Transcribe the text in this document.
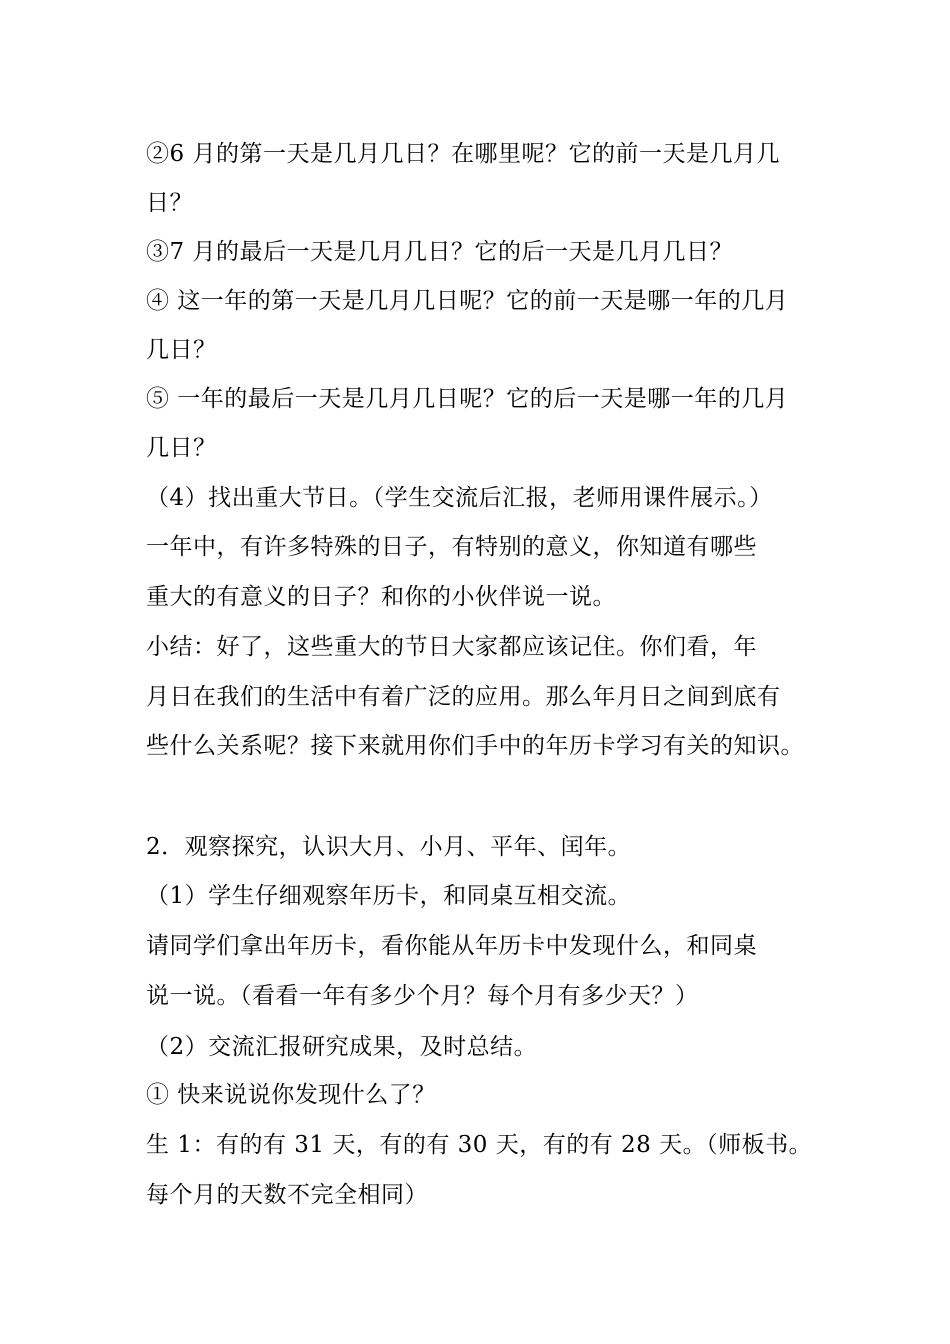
②6 月的第一天是几月几日？在哪里呢？它的前一天是几月几
日？
③7 月的最后一天是几月几日？它的后一天是几月几日？
④ 这一年的第一天是几月几日呢？它的前一天是哪一年的几月
几日？
⑤ 一年的最后一天是几月几日呢？它的后一天是哪一年的几月
几日？
（4）找出重大节日。（学生交流后汇报，老师用课件展示。）
一年中，有许多特殊的日子，有特别的意义，你知道有哪些
重大的有意义的日子？和你的小伙伴说一说。
小结：好了，这些重大的节日大家都应该记住。你们看，年
月日在我们的生活中有着广泛的应用。那么年月日之间到底有
些什么关系呢？接下来就用你们手中的年历卡学习有关的知识。
2．观察探究，认识大月、小月、平年、闰年。
（1）学生仔细观察年历卡，和同桌互相交流。
请同学们拿出年历卡，看你能从年历卡中发现什么，和同桌
说一说。（看看一年有多少个月？每个月有多少天？）
（2）交流汇报研究成果，及时总结。
① 快来说说你发现什么了？
生 1：有的有 31 天，有的有 30 天，有的有 28 天。（师板书。
每个月的天数不完全相同）
